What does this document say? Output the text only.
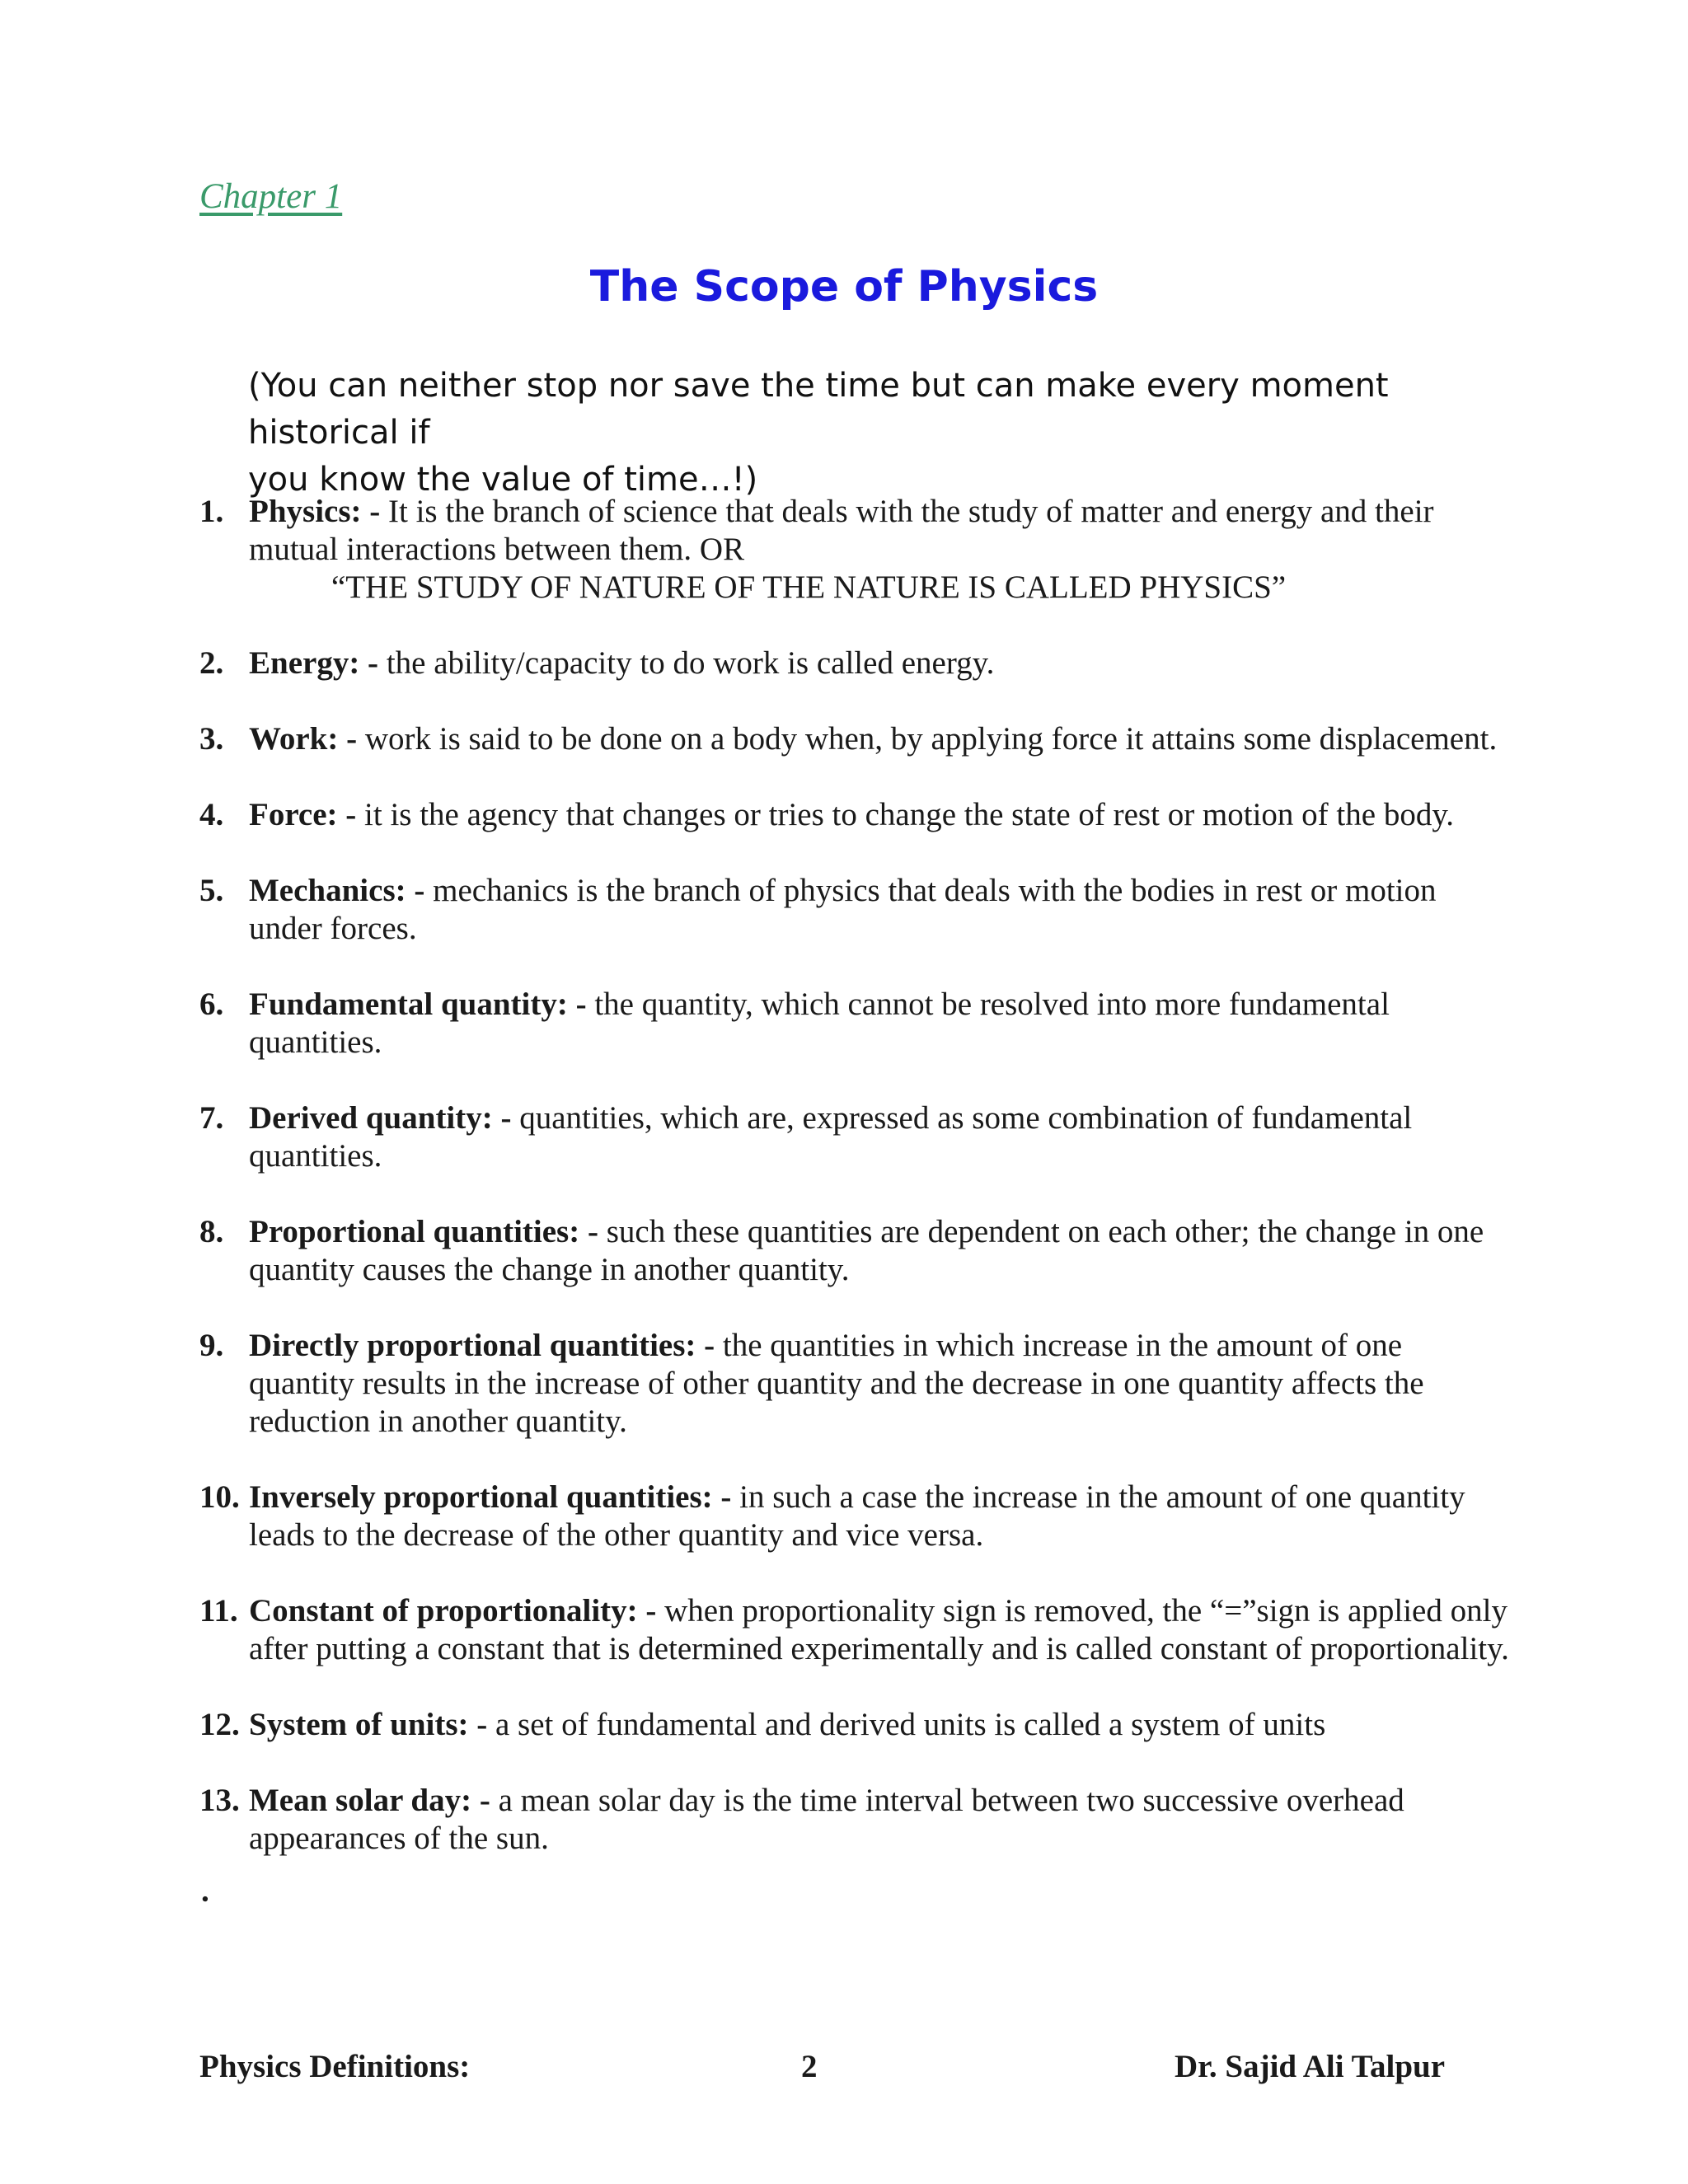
Chapter 1
The Scope of Physics
(You can neither stop nor save the time but can make every moment historical if
you know the value of time…!)
1. Physics: - It is the branch of science that deals with the study of matter and energy and their mutual interactions between them. OR
“THE STUDY OF NATURE OF THE NATURE IS CALLED PHYSICS”
2. Energy: - the ability/capacity to do work is called energy.
3. Work: - work is said to be done on a body when, by applying force it attains some displacement.
4. Force: - it is the agency that changes or tries to change the state of rest or motion of the body.
5. Mechanics: - mechanics is the branch of physics that deals with the bodies in rest or motion under forces.
6. Fundamental quantity: - the quantity, which cannot be resolved into more fundamental quantities.
7. Derived quantity: - quantities, which are, expressed as some combination of fundamental quantities.
8. Proportional quantities: - such these quantities are dependent on each other; the change in one quantity causes the change in another quantity.
9. Directly proportional quantities: - the quantities in which increase in the amount of one quantity results in the increase of other quantity and the decrease in one quantity affects the reduction in another quantity.
10. Inversely proportional quantities: - in such a case the increase in the amount of one quantity leads to the decrease of the other quantity and vice versa.
11. Constant of proportionality: - when proportionality sign is removed, the “=”sign is applied only after putting a constant that is determined experimentally and is called constant of proportionality.
12. System of units: - a set of fundamental and derived units is called a system of units
13. Mean solar day: - a mean solar day is the time interval between two successive overhead appearances of the sun.
.
Physics Definitions:	2	Dr. Sajid Ali Talpur
